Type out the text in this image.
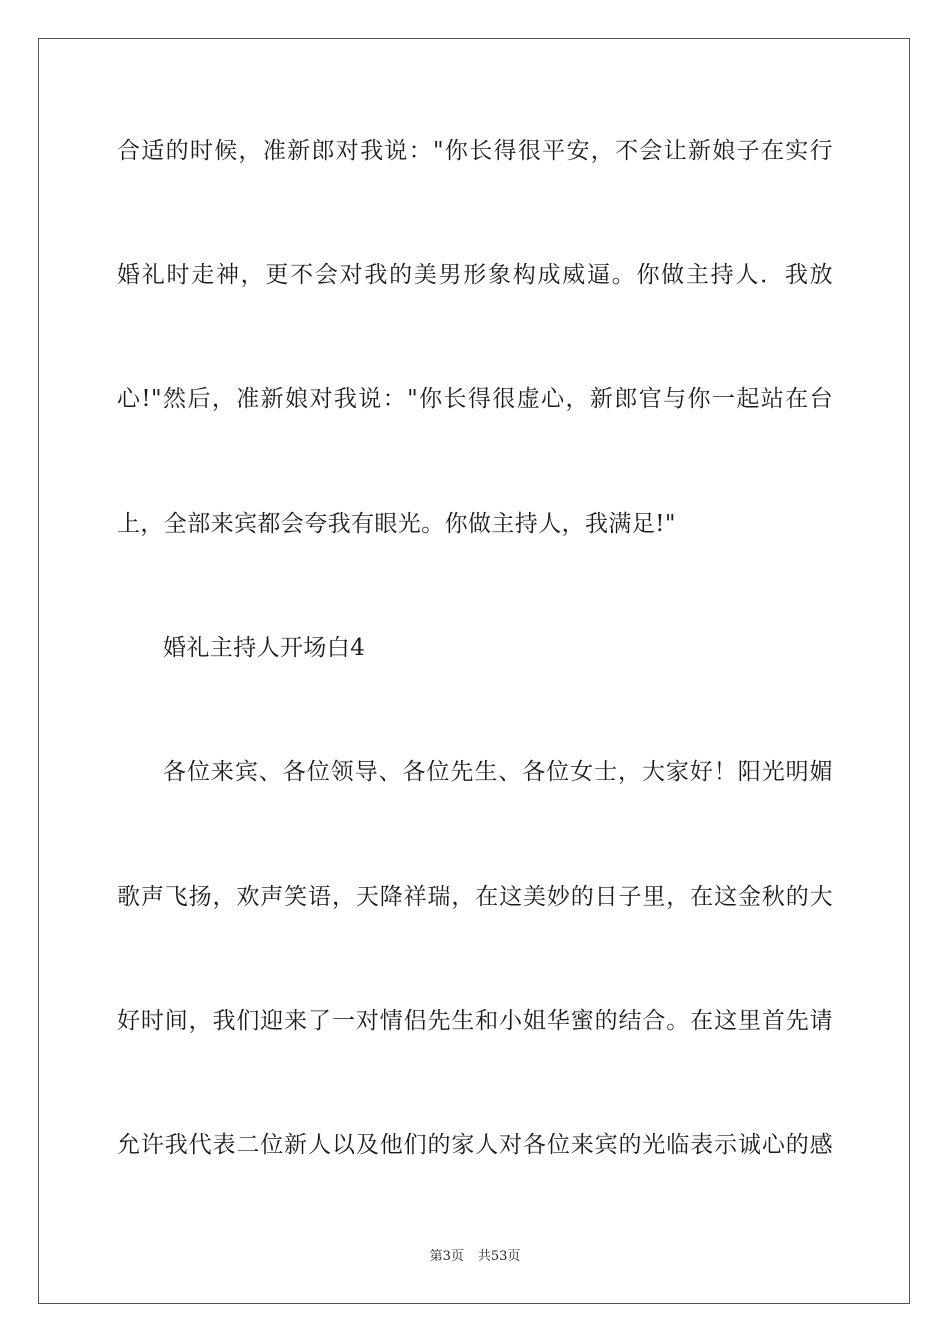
合适的时候，准新郎对我说："你长得很平安，不会让新娘子在实行
婚礼时走神，更不会对我的美男形象构成威逼。你做主持人．我放
心!"然后，准新娘对我说："你长得很虚心，新郎官与你一起站在台
上，全部来宾都会夸我有眼光。你做主持人，我满足!"
婚礼主持人开场白4
各位来宾、各位领导、各位先生、各位女士，大家好！阳光明媚
歌声飞扬，欢声笑语，天降祥瑞，在这美妙的日子里，在这金秋的大
好时间，我们迎来了一对情侣先生和小姐华蜜的结合。在这里首先请
允许我代表二位新人以及他们的家人对各位来宾的光临表示诚心的感
第3页 共53页
